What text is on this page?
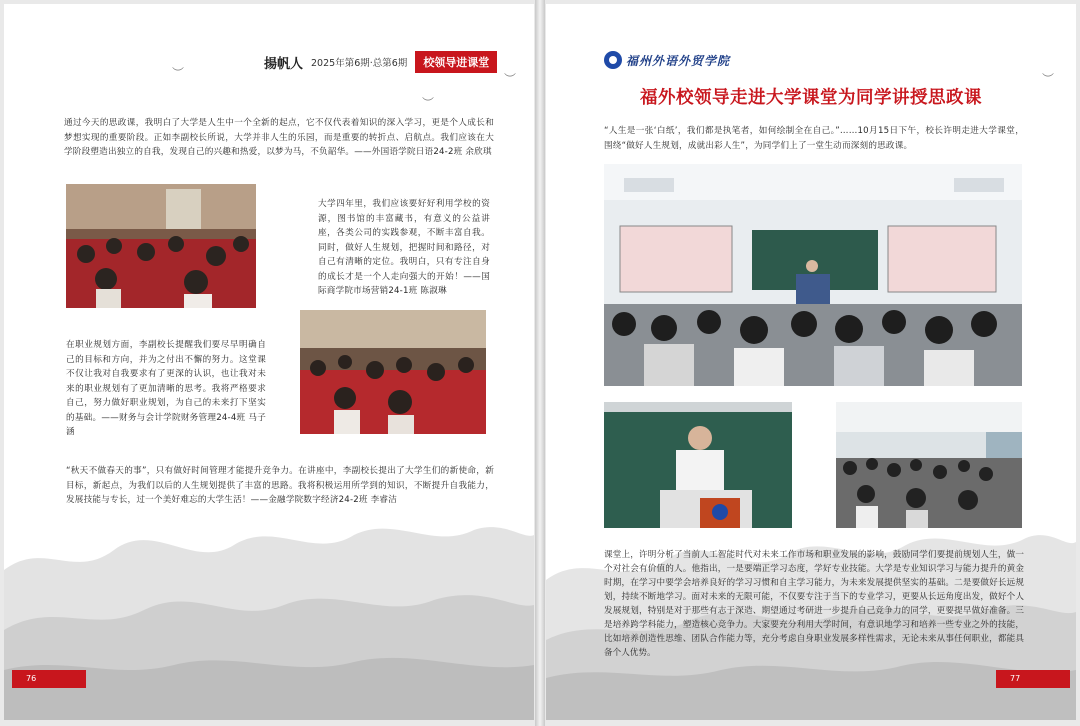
︶
︶
︶
揚帆人 2025年第6期·总第6期	校领导进课堂
通过今天的思政课，我明白了大学是人生中一个全新的起点，它不仅代表着知识的深入学习，更是个人成长和梦想实现的重要阶段。正如李副校长所说，大学并非人生的乐园，而是重要的转折点、启航点。我们应该在大学阶段塑造出独立的自我，发现自己的兴趣和热爱，以梦为马，不负韶华。——外国语学院日语24-2班 余欣琪
大学四年里，我们应该要好好利用学校的资源，图书馆的丰富藏书，有意义的公益讲座，各类公司的实践参观，不断丰富自我。同时，做好人生规划，把握时间和路径，对自己有清晰的定位。我明白，只有专注自身的成长才是一个人走向强大的开始！——国际商学院市场营销24-1班 陈淑琳
在职业规划方面，李副校长提醒我们要尽早明确自己的目标和方向，并为之付出不懈的努力。这堂课不仅让我对自我要求有了更深的认识，也让我对未来的职业规划有了更加清晰的思考。我将严格要求自己，努力做好职业规划，为自己的未来打下坚实的基础。——财务与会计学院财务管理24-4班 马子涵
“秋天不做春天的事”，只有做好时间管理才能提升竞争力。在讲座中，李副校长提出了大学生们的新使命，新目标，新起点，为我们以后的人生规划提供了丰富的思路。我将积极运用所学到的知识，不断提升自我能力，发展技能与专长，过一个美好难忘的大学生活！——金融学院数字经济24-2班 李睿洁
76
︶
福州外语外贸学院
福外校领导走进大学课堂为同学讲授思政课
“人生是一张‘白纸’，我们都是执笔者，如何绘制全在自己。”……10月15日下午，校长许明走进大学课堂，围绕“做好人生规划，成就出彩人生”，为同学们上了一堂生动而深刻的思政课。
课堂上，许明分析了当前人工智能时代对未来工作市场和职业发展的影响，鼓励同学们要提前规划人生，做一个对社会有价值的人。他指出，一是要端正学习态度，学好专业技能。大学是专业知识学习与能力提升的黄金时期，在学习中要学会培养良好的学习习惯和自主学习能力，为未来发展提供坚实的基础。二是要做好长远规划，持续不断地学习。面对未来的无限可能，不仅要专注于当下的专业学习，更要从长远角度出发，做好个人发展规划，特别是对于那些有志于深造、期望通过考研进一步提升自己竞争力的同学，更要提早做好准备。三是培养跨学科能力，塑造核心竞争力。大家要充分利用大学时间，有意识地学习和培养一些专业之外的技能，比如培养创造性思维、团队合作能力等，充分考虑自身职业发展多样性需求，无论未来从事任何职业，都能具备个人优势。
77
